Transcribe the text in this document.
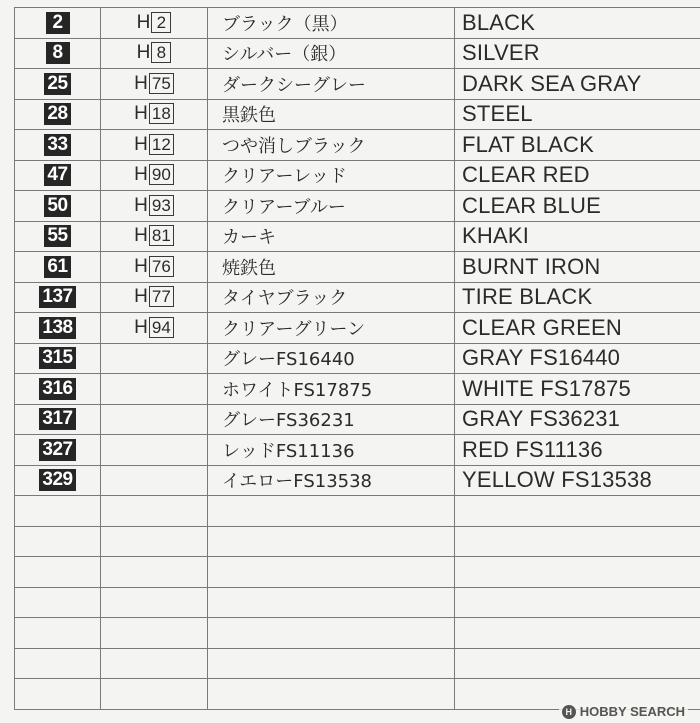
2	H 2	ブラック（黒）	BLACK
8	H 8	シルバー（銀）	SILVER
25	H 75	ダークシーグレー	DARK SEA GRAY
28	H 18	黒鉄色	STEEL
33	H 12	つや消しブラック	FLAT BLACK
47	H 90	クリアーレッド	CLEAR RED
50	H 93	クリアーブルー	CLEAR BLUE
55	H 81	カーキ	KHAKI
61	H 76	焼鉄色	BURNT IRON
137	H 77	タイヤブラック	TIRE BLACK
138	H 94	クリアーグリーン	CLEAR GREEN
315		グレーFS16440	GRAY FS16440
316		ホワイトFS17875	WHITE FS17875
317		グレーFS36231	GRAY FS36231
327		レッドFS11136	RED FS11136
329		イエローFS13538	YELLOW FS13538

H HOBBY SEARCH
